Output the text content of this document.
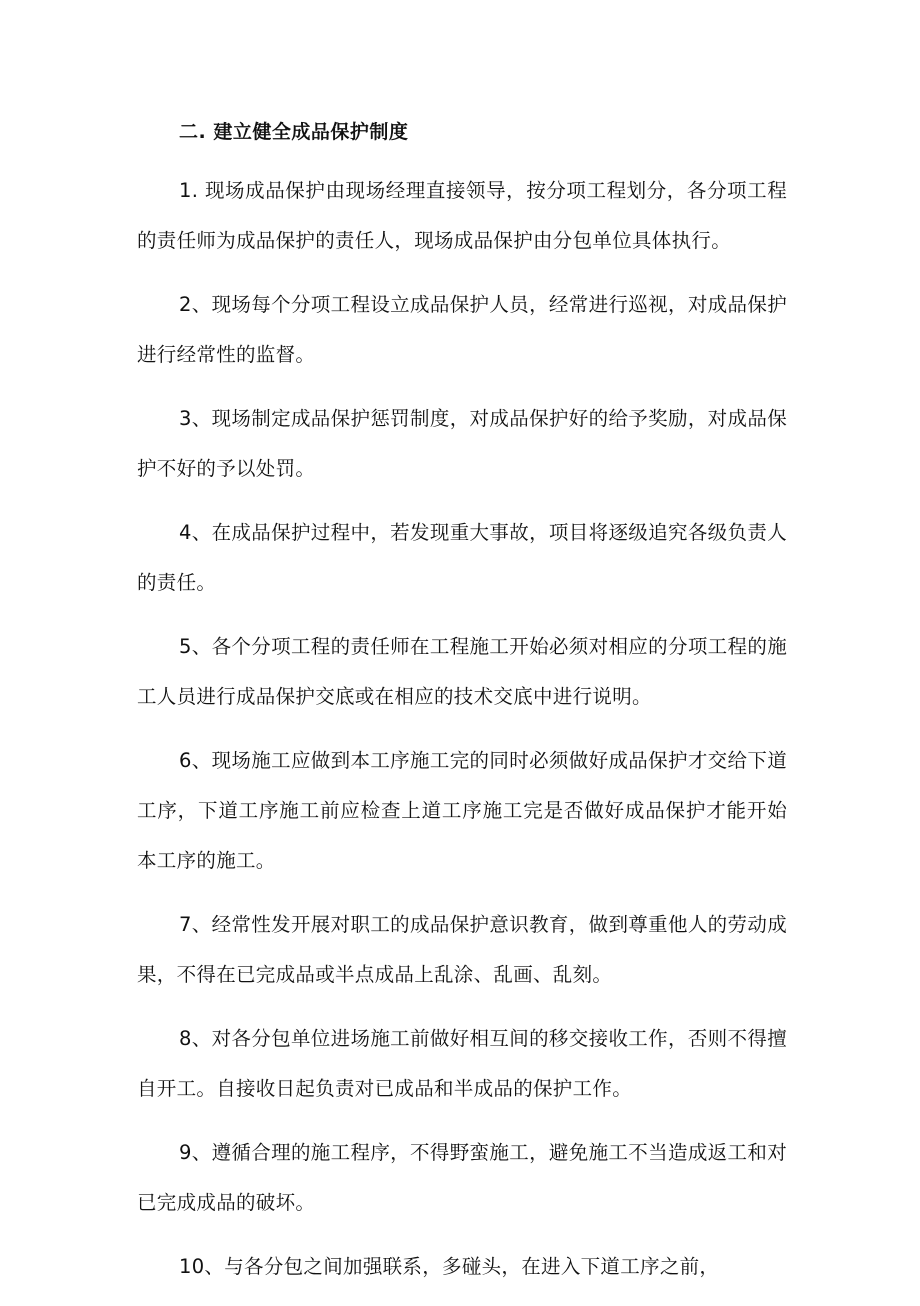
二. 建立健全成品保护制度

1. 现场成品保护由现场经理直接领导，按分项工程划分，各分项工程的责任师为成品保护的责任人，现场成品保护由分包单位具体执行。

2、现场每个分项工程设立成品保护人员，经常进行巡视，对成品保护进行经常性的监督。

3、现场制定成品保护惩罚制度，对成品保护好的给予奖励，对成品保护不好的予以处罚。

4、在成品保护过程中，若发现重大事故，项目将逐级追究各级负责人的责任。

5、各个分项工程的责任师在工程施工开始必须对相应的分项工程的施工人员进行成品保护交底或在相应的技术交底中进行说明。

6、现场施工应做到本工序施工完的同时必须做好成品保护才交给下道工序，下道工序施工前应检查上道工序施工完是否做好成品保护才能开始本工序的施工。

7、经常性发开展对职工的成品保护意识教育，做到尊重他人的劳动成果，不得在已完成品或半点成品上乱涂、乱画、乱刻。

8、对各分包单位进场施工前做好相互间的移交接收工作，否则不得擅自开工。自接收日起负责对已成品和半成品的保护工作。

9、遵循合理的施工程序，不得野蛮施工，避免施工不当造成返工和对已完成成品的破坏。

10、与各分包之间加强联系，多碰头，在进入下道工序之前，
